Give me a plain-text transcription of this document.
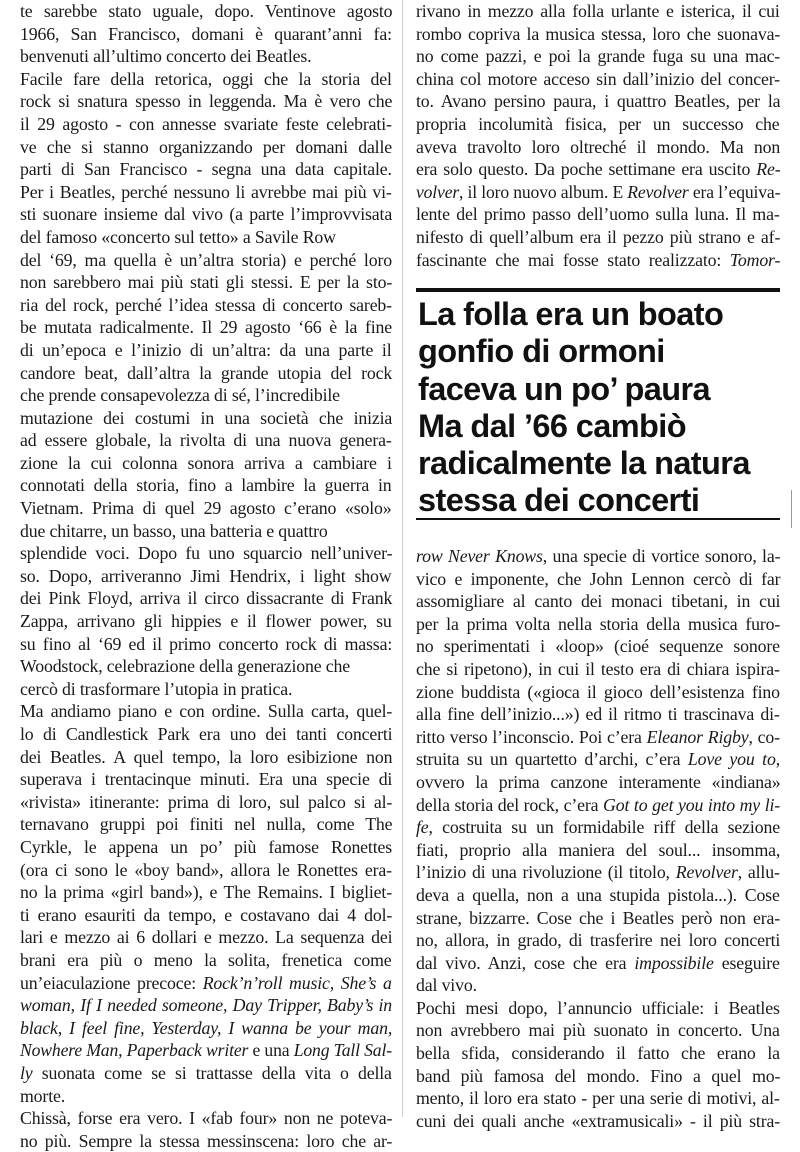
te sarebbe stato uguale, dopo. Ventinove agosto
1966, San Francisco, domani è quarant’anni fa:
benvenuti all’ultimo concerto dei Beatles.
Facile fare della retorica, oggi che la storia del
rock si snatura spesso in leggenda. Ma è vero che
il 29 agosto - con annesse svariate feste celebrati-
ve che si stanno organizzando per domani dalle
parti di San Francisco - segna una data capitale.
Per i Beatles, perché nessuno li avrebbe mai più vi-
sti suonare insieme dal vivo (a parte l’improvvisata
del famoso «concerto sul tetto» a Savile Row
del ‘69, ma quella è un’altra storia) e perché loro
non sarebbero mai più stati gli stessi. E per la sto-
ria del rock, perché l’idea stessa di concerto sareb-
be mutata radicalmente. Il 29 agosto ‘66 è la fine
di un’epoca e l’inizio di un’altra: da una parte il
candore beat, dall’altra la grande utopia del rock
che prende consapevolezza di sé, l’incredibile
mutazione dei costumi in una società che inizia
ad essere globale, la rivolta di una nuova genera-
zione la cui colonna sonora arriva a cambiare i
connotati della storia, fino a lambire la guerra in
Vietnam. Prima di quel 29 agosto c’erano «solo»
due chitarre, un basso, una batteria e quattro
splendide voci. Dopo fu uno squarcio nell’univer-
so. Dopo, arriveranno Jimi Hendrix, i light show
dei Pink Floyd, arriva il circo dissacrante di Frank
Zappa, arrivano gli hippies e il flower power, su
su fino al ‘69 ed il primo concerto rock di massa:
Woodstock, celebrazione della generazione che
cercò di trasformare l’utopia in pratica.
Ma andiamo piano e con ordine. Sulla carta, quel-
lo di Candlestick Park era uno dei tanti concerti
dei Beatles. A quel tempo, la loro esibizione non
superava i trentacinque minuti. Era una specie di
«rivista» itinerante: prima di loro, sul palco si al-
ternavano gruppi poi finiti nel nulla, come The
Cyrkle, le appena un po’ più famose Ronettes
(ora ci sono le «boy band», allora le Ronettes era-
no la prima «girl band»), e The Remains. I bigliet-
ti erano esauriti da tempo, e costavano dai 4 dol-
lari e mezzo ai 6 dollari e mezzo. La sequenza dei
brani era più o meno la solita, frenetica come
un’eiaculazione precoce: Rock’n’roll music, She’s a
woman, If I needed someone, Day Tripper, Baby’s in
black, I feel fine, Yesterday, I wanna be your man,
Nowhere Man, Paperback writer e una Long Tall Sal-
ly suonata come se si trattasse della vita o della
morte.
Chissà, forse era vero. I «fab four» non ne poteva-
no più. Sempre la stessa messinscena: loro che ar-
rivano in mezzo alla folla urlante e isterica, il cui
rombo copriva la musica stessa, loro che suonava-
no come pazzi, e poi la grande fuga su una mac-
china col motore acceso sin dall’inizio del concer-
to. Avano persino paura, i quattro Beatles, per la
propria incolumità fisica, per un successo che
aveva travolto loro oltreché il mondo. Ma non
era solo questo. Da poche settimane era uscito Re-
volver, il loro nuovo album. E Revolver era l’equiva-
lente del primo passo dell’uomo sulla luna. Il ma-
nifesto di quell’album era il pezzo più strano e af-
fascinante che mai fosse stato realizzato: Tomor-
La folla era un boato
gonfio di ormoni
faceva un po’ paura
Ma dal ’66 cambiò
radicalmente la natura
stessa dei concerti
row Never Knows, una specie di vortice sonoro, la-
vico e imponente, che John Lennon cercò di far
assomigliare al canto dei monaci tibetani, in cui
per la prima volta nella storia della musica furo-
no sperimentati i «loop» (cioé sequenze sonore
che si ripetono), in cui il testo era di chiara ispira-
zione buddista («gioca il gioco dell’esistenza fino
alla fine dell’inizio...») ed il ritmo ti trascinava di-
ritto verso l’inconscio. Poi c’era Eleanor Rigby, co-
struita su un quartetto d’archi, c’era Love you to,
ovvero la prima canzone interamente «indiana»
della storia del rock, c’era Got to get you into my li-
fe, costruita su un formidabile riff della sezione
fiati, proprio alla maniera del soul... insomma,
l’inizio di una rivoluzione (il titolo, Revolver, allu-
deva a quella, non a una stupida pistola...). Cose
strane, bizzarre. Cose che i Beatles però non era-
no, allora, in grado, di trasferire nei loro concerti
dal vivo. Anzi, cose che era impossibile eseguire
dal vivo.
Pochi mesi dopo, l’annuncio ufficiale: i Beatles
non avrebbero mai più suonato in concerto. Una
bella sfida, considerando il fatto che erano la
band più famosa del mondo. Fino a quel mo-
mento, il loro era stato - per una serie di motivi, al-
cuni dei quali anche «extramusicali» - il più stra-
